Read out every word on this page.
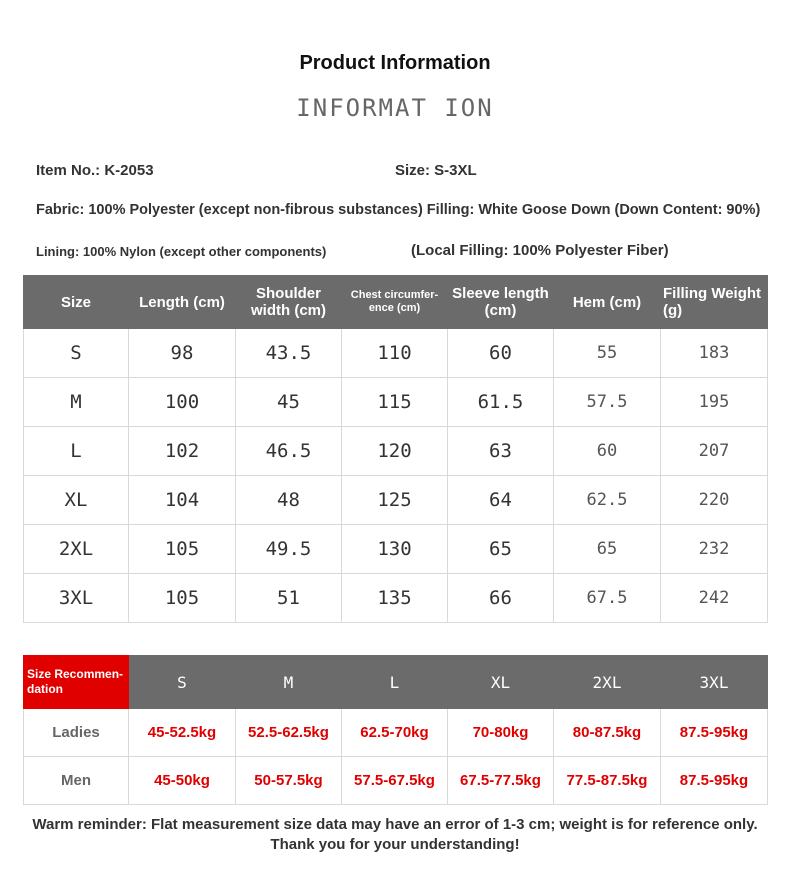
Product Information
INFORMAT ION
Item No.: K-2053	Size: S-3XL
Fabric: 100% Polyester (except non-fibrous substances) Filling: White Goose Down (Down Content: 90%)
Lining: 100% Nylon (except other components)	(Local Filling: 100% Polyester Fiber)
Size	Length (cm)	Shoulder width (cm)	Chest circumfer- ence (cm)	Sleeve length (cm)	Hem (cm)	Filling Weight (g)
S	98	43.5	110	60	55	183
M	100	45	115	61.5	57.5	195
L	102	46.5	120	63	60	207
XL	104	48	125	64	62.5	220
2XL	105	49.5	130	65	65	232
3XL	105	51	135	66	67.5	242
Size Recommen- dation	S	M	L	XL	2XL	3XL
Ladies	45-52.5kg	52.5-62.5kg	62.5-70kg	70-80kg	80-87.5kg	87.5-95kg
Men	45-50kg	50-57.5kg	57.5-67.5kg	67.5-77.5kg	77.5-87.5kg	87.5-95kg
Warm reminder: Flat measurement size data may have an error of 1-3 cm; weight is for reference only.
Thank you for your understanding!
